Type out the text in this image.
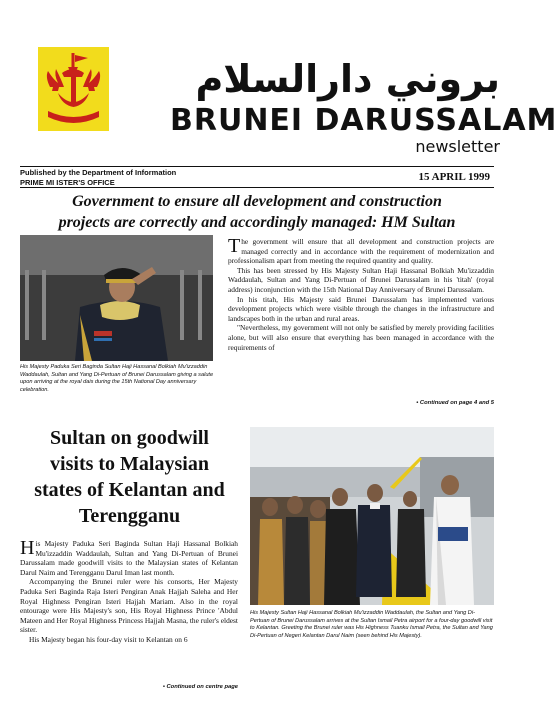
بروني دارالسلام
BRUNEI DARUSSALAM
newsletter
Published by the Department of Information
PRIME MI ISTER'S OFFICE	15 APRIL 1999
Government to ensure all development and construction
projects are correctly and accordingly managed: HM Sultan
His Majesty Paduka Seri Baginda Sultan Haji Hassanal Bolkiah Mu'izzaddin Waddaulah, Sultan and Yang Di-Pertuan of Brunei Darussalam giving a salute upon arriving at the royal dais during the 15th National Day anniversary celebration.

The government will ensure that all development and construction projects are managed correctly and in accordance with the requirement of modernization and professionalism apart from meeting the required quantity and quality.

This has been stressed by His Majesty Sultan Haji Hassanal Bolkiah Mu'izzaddin Waddaulah, Sultan and Yang Di-Pertuan of Brunei Darussalam in his 'titah' (royal address) inconjunction with the 15th National Day Anniversary of Brunei Darussalam.

In his titah, His Majesty said Brunei Darussalam has implemented various development projects which were visible through the changes in the infrastructure and landscapes both in the urban and rural areas.

"Nevertheless, my government will not only be satisfied by merely providing facilities alone, but will also ensure that everything has been managed in accordance with the requirements of

• Continued on page 4 and 5
Sultan on goodwill
visits to Malaysian
states of Kelantan and
Terengganu

His Majesty Paduka Seri Baginda Sultan Haji Hassanal Bolkiah Mu'izzaddin Waddaulah, Sultan and Yang Di-Pertuan of Brunei Darussalam made goodwill visits to the Malaysian states of Kelantan Darul Naim and Terengganu Darul Iman last month.

Accompanying the Brunei ruler were his consorts, Her Majesty Paduka Seri Baginda Raja Isteri Pengiran Anak Hajjah Saleha and Her Royal Highness Pengiran Isteri Hajjah Mariam. Also in the royal entourage were His Majesty's son, His Royal Highness Prince 'Abdul Mateen and Her Royal Highness Princess Hajjah Masna, the ruler's eldest sister.

His Majesty began his four-day visit to Kelantan on 6

• Continued on centre page
His Majesty Sultan Haji Hassanal Bolkiah Mu'izzaddin Waddaulah, the Sultan and Yang Di-Pertuan of Brunei Darussalam arrives at the Sultan Ismail Petra airport for a four-day goodwill visit to Kelantan. Greeting the Brunei ruler was His Highness Tuanku Ismail Petra, the Sultan and Yang Di-Pertuan of Negeri Kelantan Darul Naim (seen behind His Majesty).
